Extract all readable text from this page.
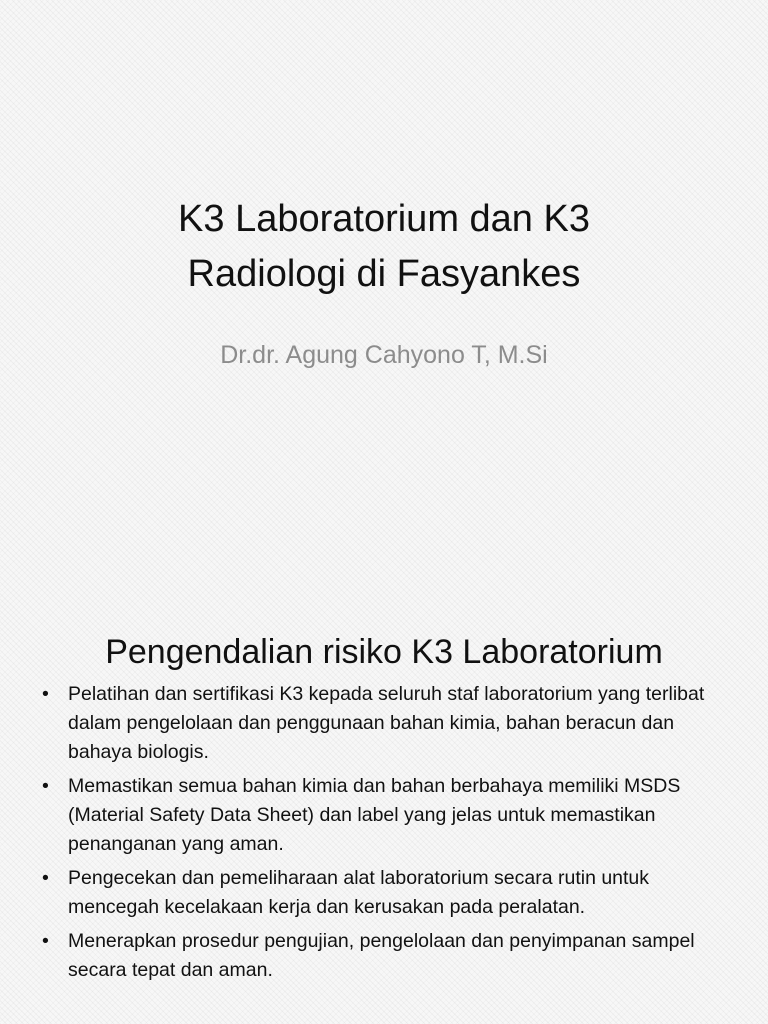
K3 Laboratorium dan K3
Radiologi di Fasyankes

Dr.dr. Agung Cahyono T, M.Si

Pengendalian risiko K3 Laboratorium
• Pelatihan dan sertifikasi K3 kepada seluruh staf laboratorium yang terlibat dalam pengelolaan dan penggunaan bahan kimia, bahan beracun dan bahaya biologis.
• Memastikan semua bahan kimia dan bahan berbahaya memiliki MSDS (Material Safety Data Sheet) dan label yang jelas untuk memastikan penanganan yang aman.
• Pengecekan dan pemeliharaan alat laboratorium secara rutin untuk mencegah kecelakaan kerja dan kerusakan pada peralatan.
• Menerapkan prosedur pengujian, pengelolaan dan penyimpanan sampel secara tepat dan aman.
